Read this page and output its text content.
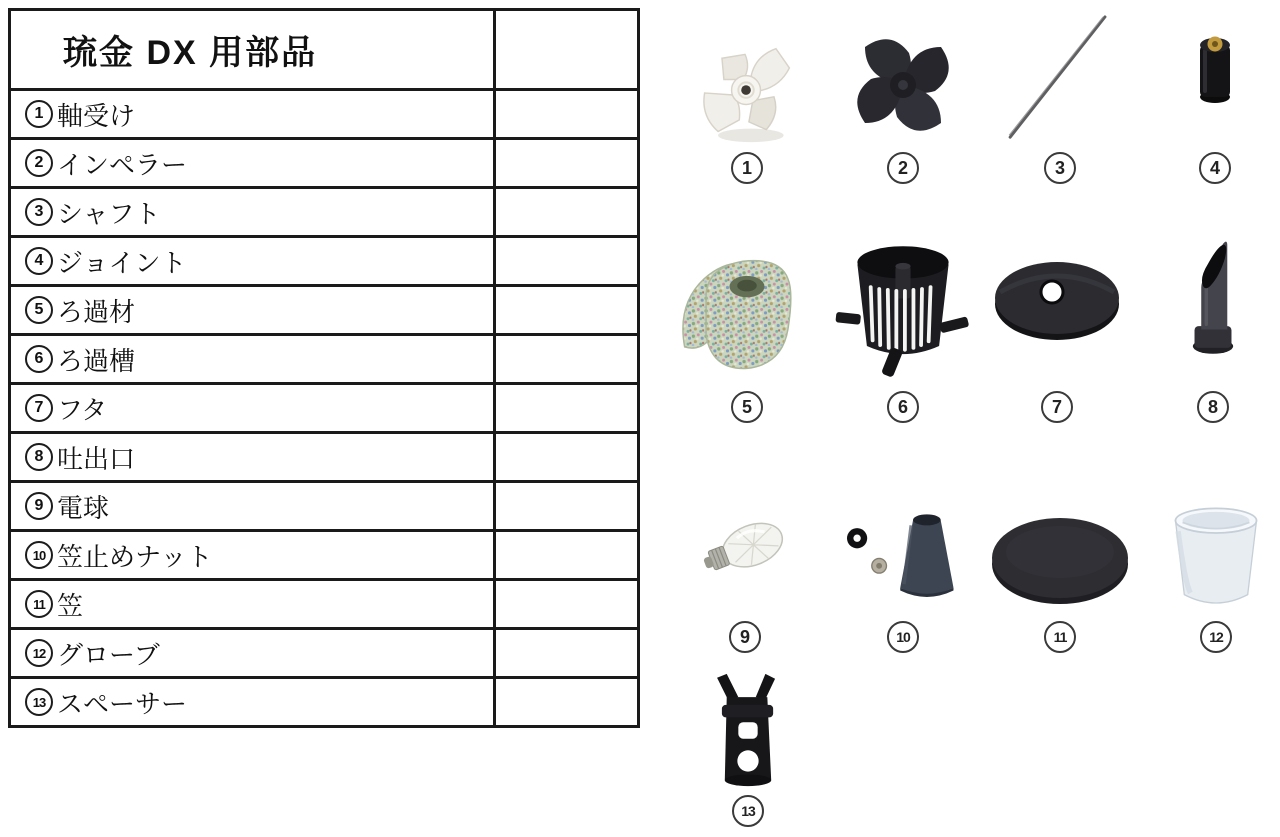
琉金 DX 用部品
1 軸受け
2 インペラー
3 シャフト
4 ジョイント
5 ろ過材
6 ろ過槽
7 フタ
8 吐出口
9 電球
10 笠止めナット
11 笠
12 グローブ
13 スペーサー
1	2	3	4
5	6	7	8
9	10	11	12
13
